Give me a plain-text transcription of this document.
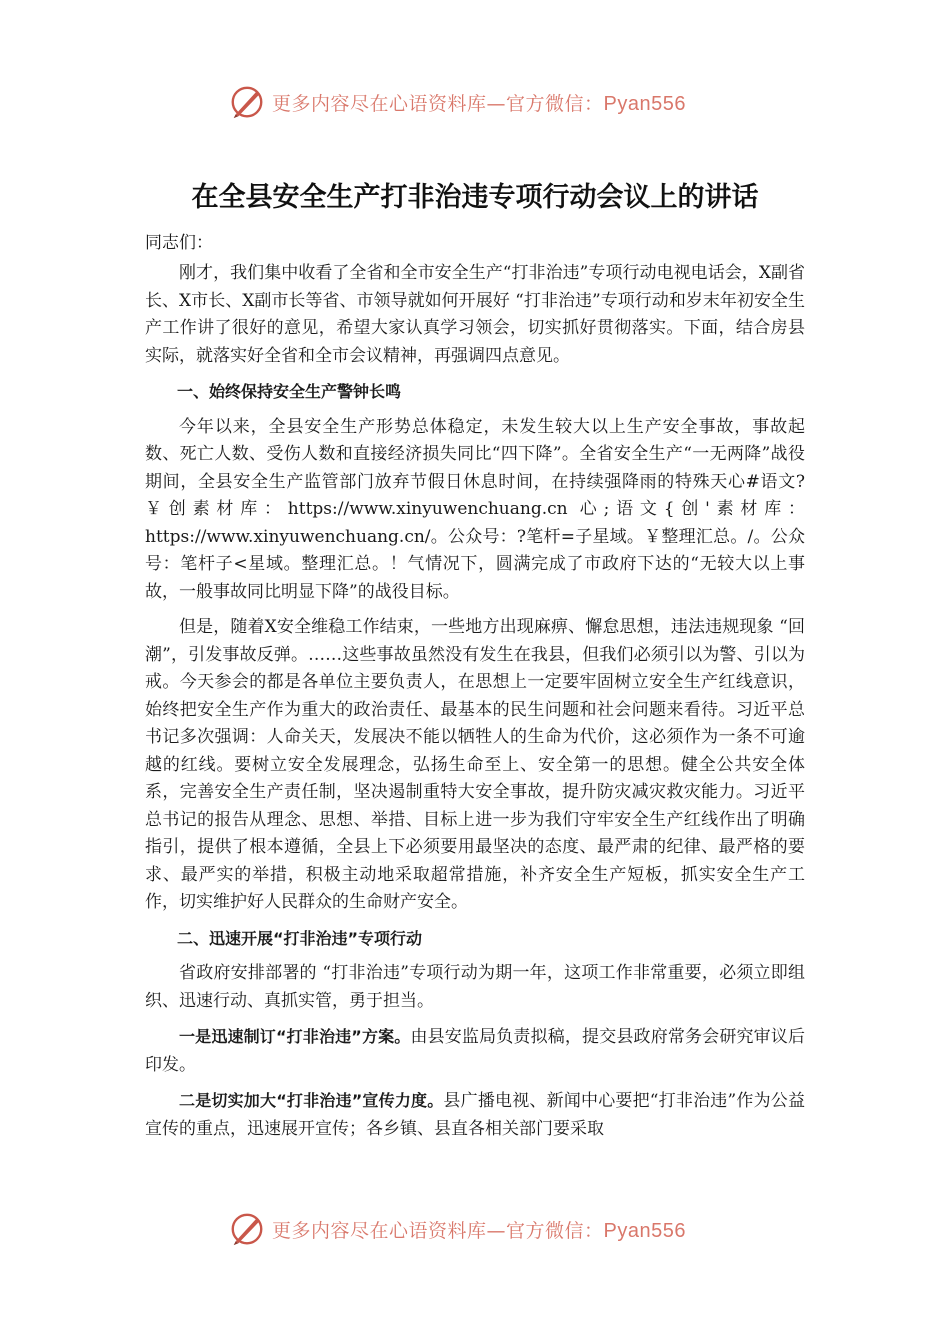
更多内容尽在心语资料库—官方微信：Pyan556
在全县安全生产打非治违专项行动会议上的讲话

同志们：

刚才，我们集中收看了全省和全市安全生产“打非治违”专项行动电视电话会，X副省长、X市长、X副市长等省、市领导就如何开展好 “打非治违”专项行动和岁末年初安全生产工作讲了很好的意见，希望大家认真学习领会，切实抓好贯彻落实。下面，结合房县实际，就落实好全省和全市会议精神，再强调四点意见。

一、始终保持安全生产警钟长鸣

今年以来，全县安全生产形势总体稳定，未发生较大以上生产安全事故，事故起数、死亡人数、受伤人数和直接经济损失同比“四下降”。全省安全生产“一无两降”战役期间，全县安全生产监管部门放弃节假日休息时间，在持续强降雨的特殊天心#语文?￥创素材库：https://www.xinyuwenchuang.cn 心;语文{创'素材库：https://www.xinyuwenchuang.cn/。公众号：?笔杆=子星域。￥整理汇总。/。公众号：笔杆子<星域。整理汇总。！气情况下，圆满完成了市政府下达的“无较大以上事故，一般事故同比明显下降”的战役目标。

但是，随着X安全维稳工作结束，一些地方出现麻痹、懈怠思想，违法违规现象 “回潮”，引发事故反弹。……这些事故虽然没有发生在我县，但我们必须引以为警、引以为戒。今天参会的都是各单位主要负责人，在思想上一定要牢固树立安全生产红线意识，始终把安全生产作为重大的政治责任、最基本的民生问题和社会问题来看待。习近平总书记多次强调：人命关天，发展决不能以牺牲人的生命为代价，这必须作为一条不可逾越的红线。要树立安全发展理念，弘扬生命至上、安全第一的思想。健全公共安全体系，完善安全生产责任制，坚决遏制重特大安全事故，提升防灾减灾救灾能力。习近平总书记的报告从理念、思想、举措、目标上进一步为我们守牢安全生产红线作出了明确指引，提供了根本遵循，全县上下必须要用最坚决的态度、最严肃的纪律、最严格的要求、最严实的举措，积极主动地采取超常措施，补齐安全生产短板，抓实安全生产工作，切实维护好人民群众的生命财产安全。

二、迅速开展“打非治违”专项行动

省政府安排部署的 “打非治违”专项行动为期一年，这项工作非常重要，必须立即组织、迅速行动、真抓实管，勇于担当。

一是迅速制订“打非治违”方案。由县安监局负责拟稿，提交县政府常务会研究审议后印发。

二是切实加大“打非治违”宣传力度。县广播电视、新闻中心要把“打非治违”作为公益宣传的重点，迅速展开宣传；各乡镇、县直各相关部门要采取

更多内容尽在心语资料库—官方微信：Pyan556
